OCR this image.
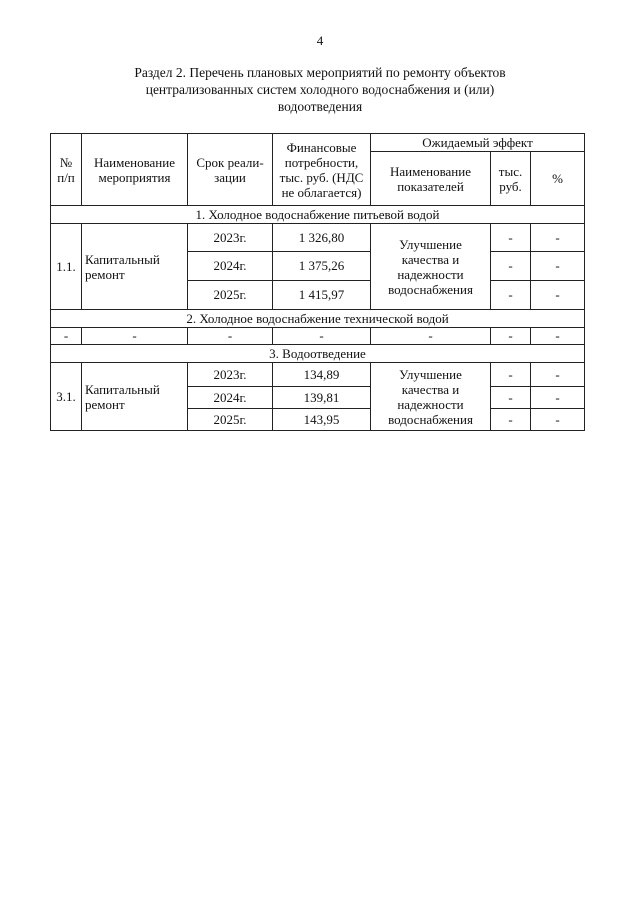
4
Раздел 2. Перечень плановых мероприятий по ремонту объектов
централизованных систем холодного водоснабжения и (или)
водоотведения
№ п/п	Наименование мероприятия	Срок реали-зации	Финансовые потребности, тыс. руб. (НДС не облагается)	Ожидаемый эффект		
				Наименование показателей	тыс. руб.	%
1. Холодное водоснабжение питьевой водой						
1.1.	Капитальный ремонт	2023г.	1 326,80	Улучшение качества и надежности водоснабжения	-	-
		2024г.	1 375,26		-	-
		2025г.	1 415,97		-	-
2. Холодное водоснабжение технической водой						
-	-	-	-	-	-	-
3. Водоотведение						
3.1.	Капитальный ремонт	2023г.	134,89	Улучшение качества и надежности водоснабжения	-	-
		2024г.	139,81		-	-
		2025г.	143,95		-	-
